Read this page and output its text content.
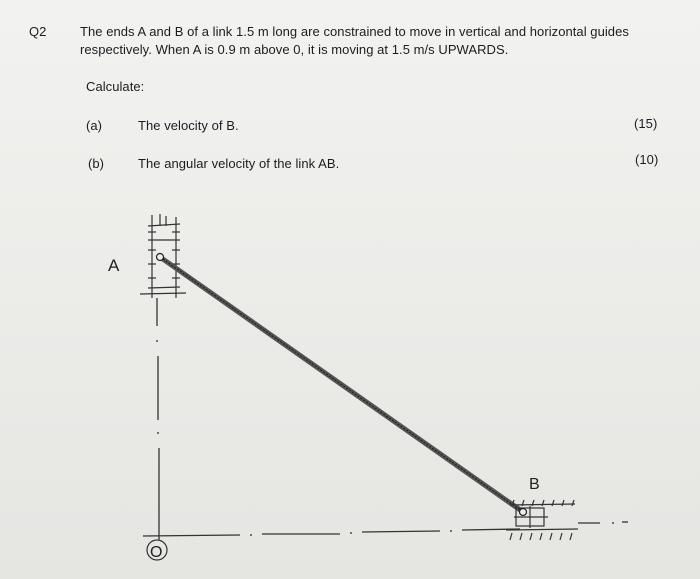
Q2	The ends A and B of a link 1.5 m long are constrained to move in vertical and horizontal guides
respectively. When A is 0.9 m above 0, it is moving at 1.5 m/s UPWARDS.
Calculate:
(a)	The velocity of B.	(15)
(b)	The angular velocity of the link AB.	(10)
A
B
O
